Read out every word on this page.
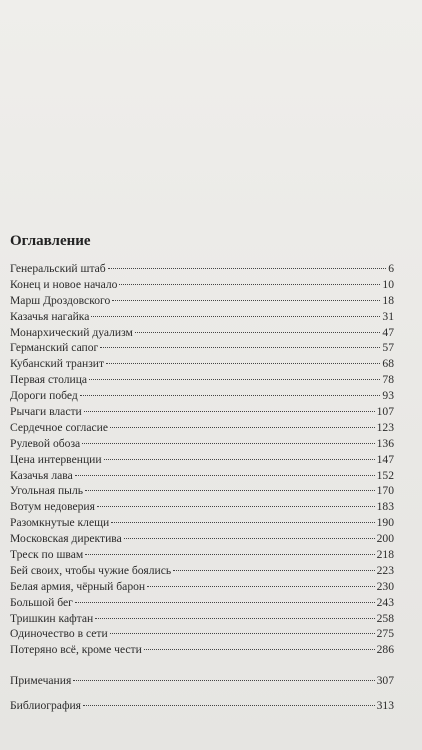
Оглавление
Генеральский штаб	6
Конец и новое начало	10
Марш Дроздовского	18
Казачья нагайка	31
Монархический дуализм	47
Германский сапог	57
Кубанский транзит	68
Первая столица	78
Дороги побед	93
Рычаги власти	107
Сердечное согласие	123
Рулевой обоза	136
Цена интервенции	147
Казачья лава	152
Угольная пыль	170
Вотум недоверия	183
Разомкнутые клещи	190
Московская директива	200
Треск по швам	218
Бей своих, чтобы чужие боялись	223
Белая армия, чёрный барон	230
Большой бег	243
Тришкин кафтан	258
Одиночество в сети	275
Потеряно всё, кроме чести	286
Примечания	307
Библиография	313
